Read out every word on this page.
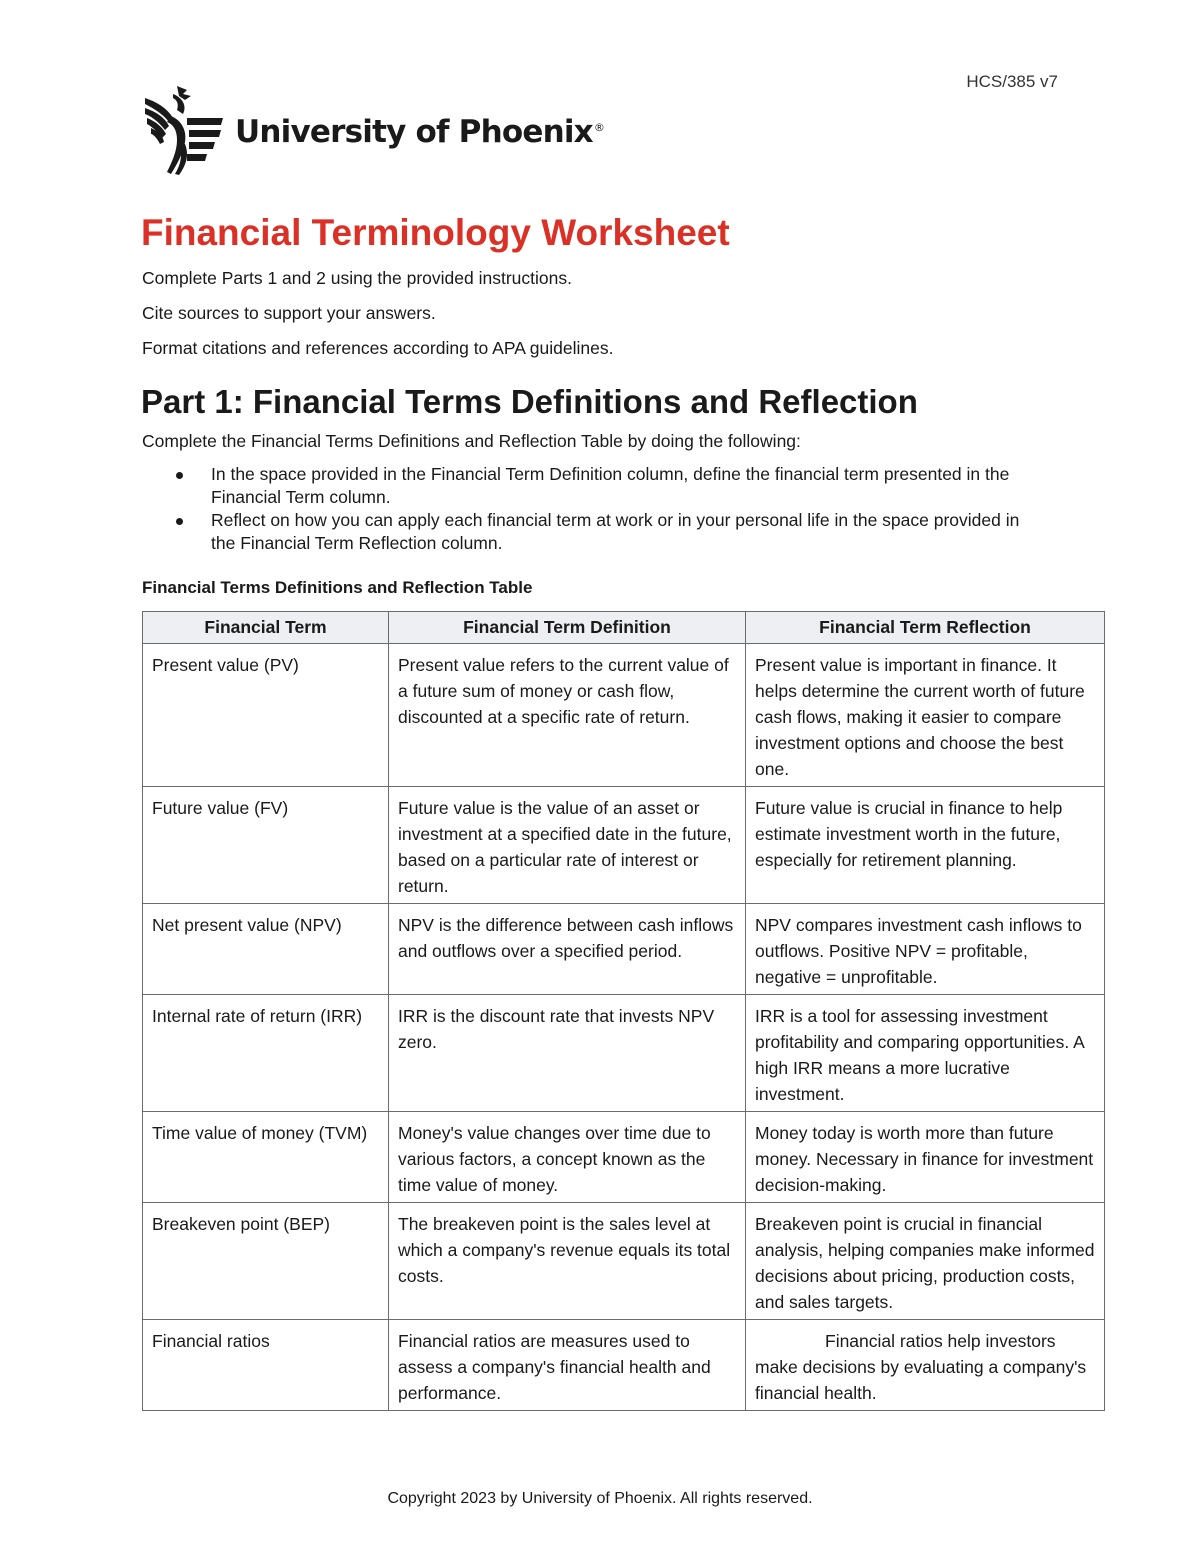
HCS/385 v7
University of Phoenix®
Financial Terminology Worksheet

Complete Parts 1 and 2 using the provided instructions.

Cite sources to support your answers.

Format citations and references according to APA guidelines.

Part 1: Financial Terms Definitions and Reflection

Complete the Financial Terms Definitions and Reflection Table by doing the following:

In the space provided in the Financial Term Definition column, define the financial term presented in the Financial Term column.
Reflect on how you can apply each financial term at work or in your personal life in the space provided in the Financial Term Reflection column.

Financial Terms Definitions and Reflection Table

Financial Term	Financial Term Definition	Financial Term Reflection
Present value (PV)	Present value refers to the current value of a future sum of money or cash flow, discounted at a specific rate of return.	Present value is important in finance. It helps determine the current worth of future cash flows, making it easier to compare investment options and choose the best one.
Future value (FV)	Future value is the value of an asset or investment at a specified date in the future, based on a particular rate of interest or return.	Future value is crucial in finance to help estimate investment worth in the future, especially for retirement planning.
Net present value (NPV)	NPV is the difference between cash inflows and outflows over a specified period.	NPV compares investment cash inflows to outflows. Positive NPV = profitable, negative = unprofitable.
Internal rate of return (IRR)	IRR is the discount rate that invests NPV zero.	IRR is a tool for assessing investment profitability and comparing opportunities. A high IRR means a more lucrative investment.
Time value of money (TVM)	Money's value changes over time due to various factors, a concept known as the time value of money.	Money today is worth more than future money. Necessary in finance for investment decision-making.
Breakeven point (BEP)	The breakeven point is the sales level at which a company's revenue equals its total costs.	Breakeven point is crucial in financial analysis, helping companies make informed decisions about pricing, production costs, and sales targets.
Financial ratios	Financial ratios are measures used to assess a company's financial health and performance.	Financial ratios help investors make decisions by evaluating a company's financial health.
Copyright 2023 by University of Phoenix. All rights reserved.
